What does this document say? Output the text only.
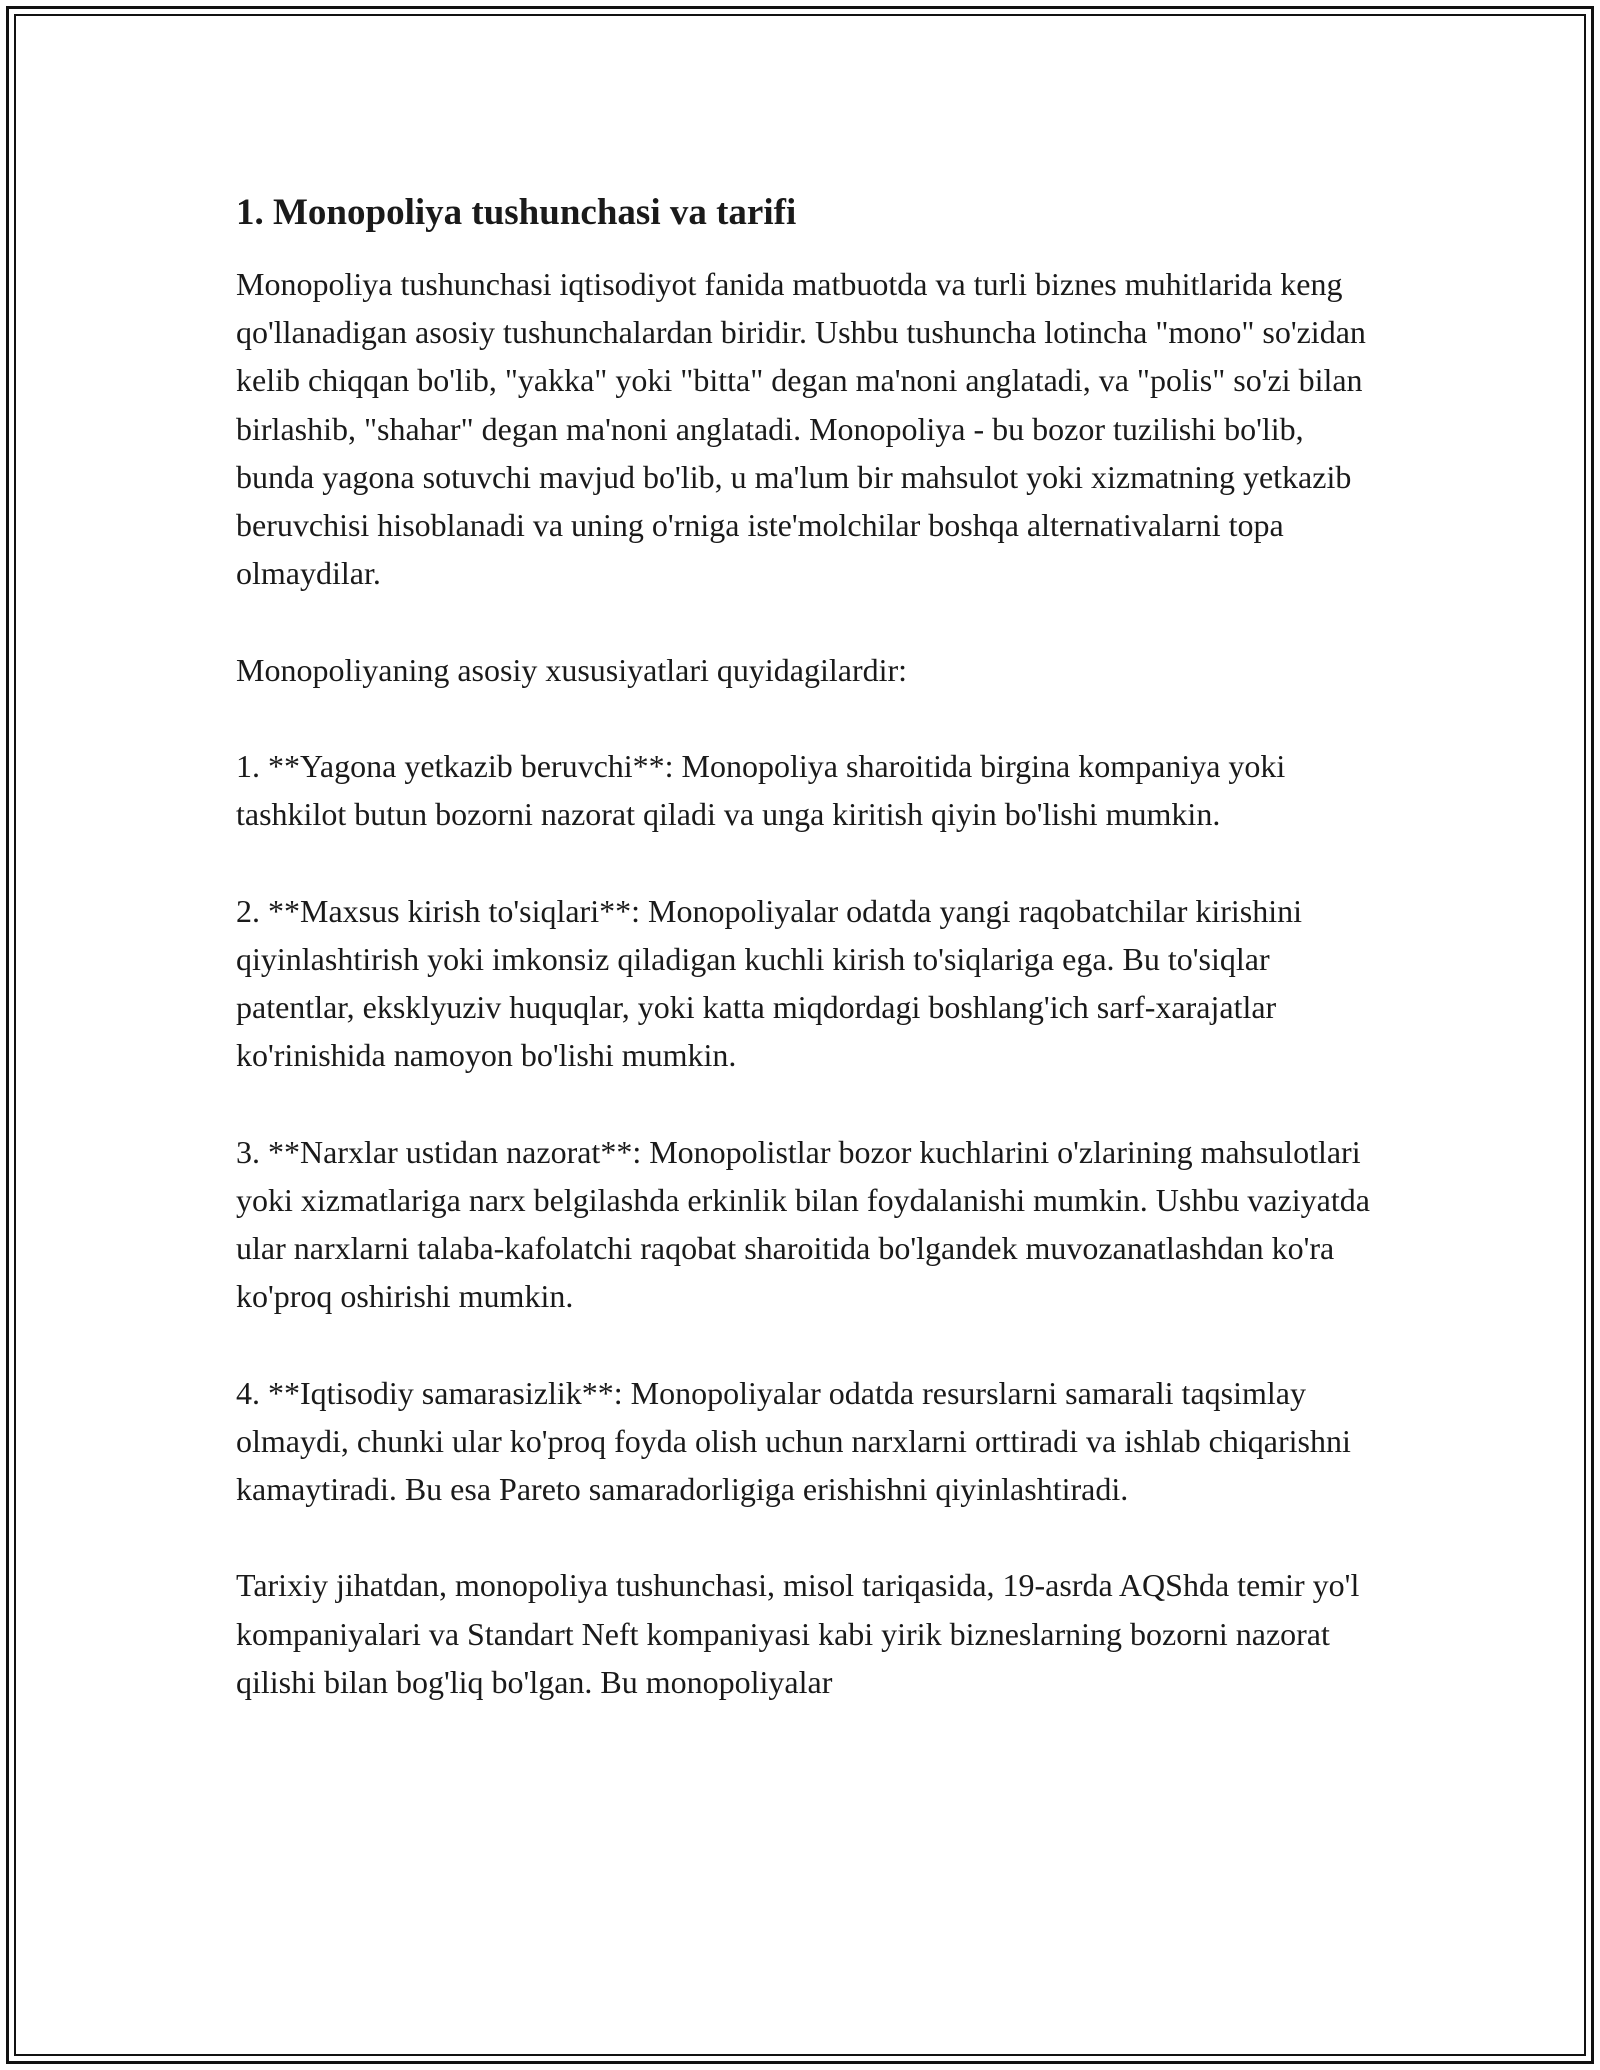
1. Monopoliya tushunchasi va tarifi

Monopoliya tushunchasi iqtisodiyot fanida matbuotda va turli biznes muhitlarida keng qo'llanadigan asosiy tushunchalardan biridir. Ushbu tushuncha lotincha "mono" so'zidan kelib chiqqan bo'lib, "yakka" yoki "bitta" degan ma'noni anglatadi, va "polis" so'zi bilan birlashib, "shahar" degan ma'noni anglatadi. Monopoliya - bu bozor tuzilishi bo'lib, bunda yagona sotuvchi mavjud bo'lib, u ma'lum bir mahsulot yoki xizmatning yetkazib beruvchisi hisoblanadi va uning o'rniga iste'molchilar boshqa alternativalarni topa olmaydilar.

Monopoliyaning asosiy xususiyatlari quyidagilardir:

1. **Yagona yetkazib beruvchi**: Monopoliya sharoitida birgina kompaniya yoki tashkilot butun bozorni nazorat qiladi va unga kiritish qiyin bo'lishi mumkin.

2. **Maxsus kirish to'siqlari**: Monopoliyalar odatda yangi raqobatchilar kirishini qiyinlashtirish yoki imkonsiz qiladigan kuchli kirish to'siqlariga ega. Bu to'siqlar patentlar, eksklyuziv huquqlar, yoki katta miqdordagi boshlang'ich sarf-xarajatlar ko'rinishida namoyon bo'lishi mumkin.

3. **Narxlar ustidan nazorat**: Monopolistlar bozor kuchlarini o'zlarining mahsulotlari yoki xizmatlariga narx belgilashda erkinlik bilan foydalanishi mumkin. Ushbu vaziyatda ular narxlarni talaba-kafolatchi raqobat sharoitida bo'lgandek muvozanatlashdan ko'ra ko'proq oshirishi mumkin.

4. **Iqtisodiy samarasizlik**: Monopoliyalar odatda resurslarni samarali taqsimlay olmaydi, chunki ular ko'proq foyda olish uchun narxlarni orttiradi va ishlab chiqarishni kamaytiradi. Bu esa Pareto samaradorligiga erishishni qiyinlashtiradi.

Tarixiy jihatdan, monopoliya tushunchasi, misol tariqasida, 19-asrda AQShda temir yo'l kompaniyalari va Standart Neft kompaniyasi kabi yirik bizneslarning bozorni nazorat qilishi bilan bog'liq bo'lgan. Bu monopoliyalar
